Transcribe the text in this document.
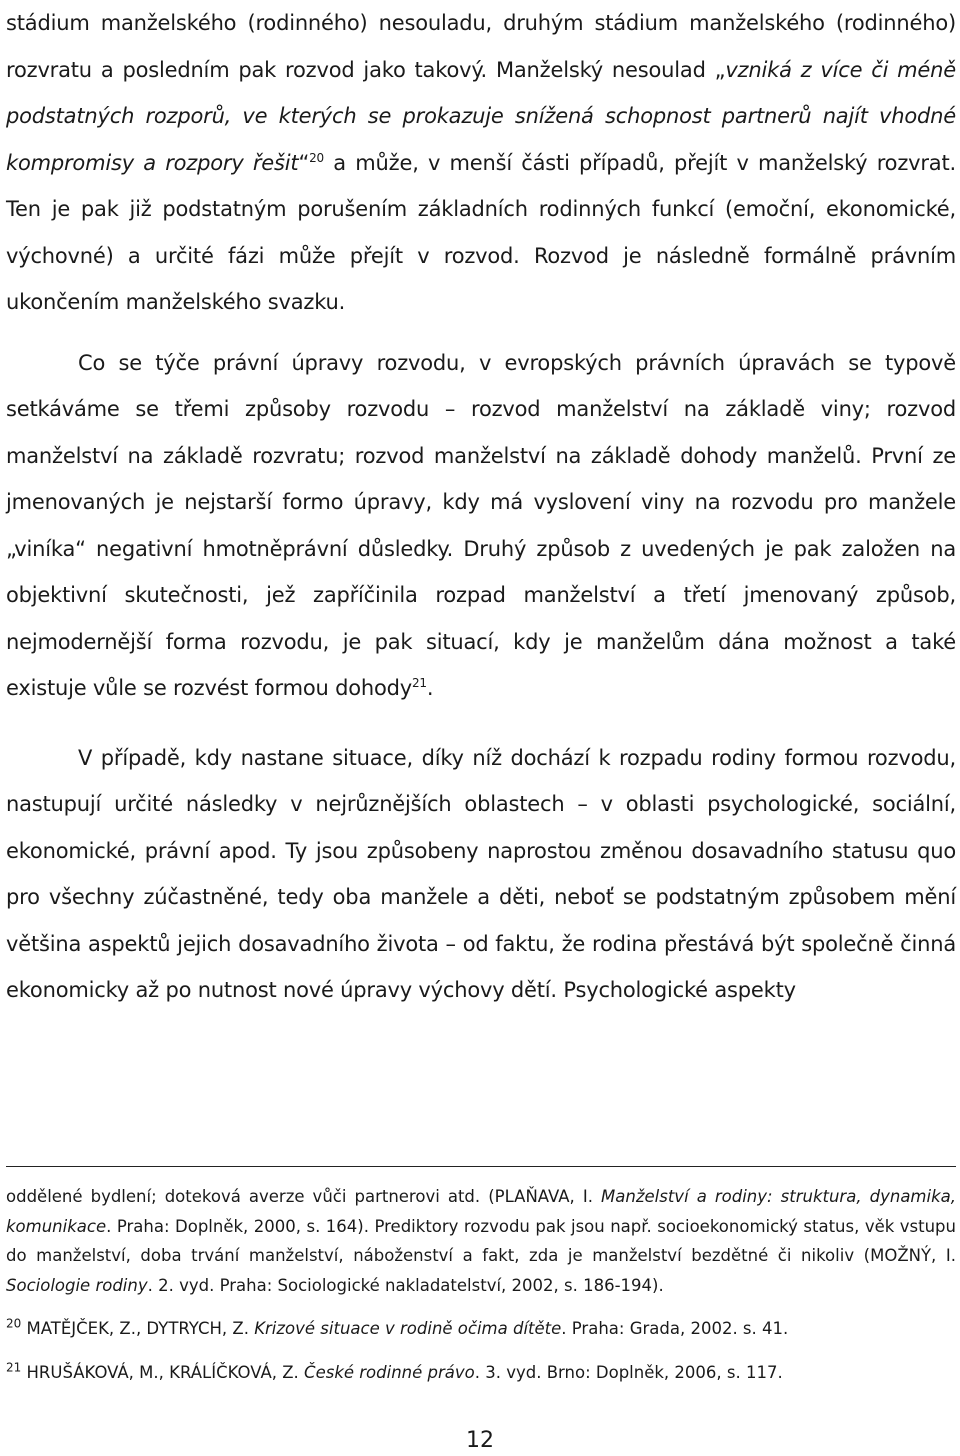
stádium manželského (rodinného) nesouladu, druhým stádium manželského (rodinného) rozvratu a posledním pak rozvod jako takový. Manželský nesoulad „vzniká z více či méně podstatných rozporů, ve kterých se prokazuje snížená schopnost partnerů najít vhodné kompromisy a rozpory řešit“$^{20}$ a může, v menší části případů, přejít v manželský rozvrat. Ten je pak již podstatným porušením základních rodinných funkcí (emoční, ekonomické, výchovné) a určité fázi může přejít v rozvod. Rozvod je následně formálně právním ukončením manželského svazku.

Co se týče právní úpravy rozvodu, v evropských právních úpravách se typově setkáváme se třemi způsoby rozvodu – rozvod manželství na základě viny; rozvod manželství na základě rozvratu; rozvod manželství na základě dohody manželů. První ze jmenovaných je nejstarší formo úpravy, kdy má vyslovení viny na rozvodu pro manžele „viníka“ negativní hmotněprávní důsledky. Druhý způsob z uvedených je pak založen na objektivní skutečnosti, jež zapříčinila rozpad manželství a třetí jmenovaný způsob, nejmodernější forma rozvodu, je pak situací, kdy je manželům dána možnost a také existuje vůle se rozvést formou dohody$^{21}$.

V případě, kdy nastane situace, díky níž dochází k rozpadu rodiny formou rozvodu, nastupují určité následky v nejrůznějších oblastech – v oblasti psychologické, sociální, ekonomické, právní apod. Ty jsou způsobeny naprostou změnou dosavadního statusu quo pro všechny zúčastněné, tedy oba manžele a děti, neboť se podstatným způsobem mění většina aspektů jejich dosavadního života – od faktu, že rodina přestává být společně činná ekonomicky až po nutnost nové úpravy výchovy dětí. Psychologické aspekty

oddělené bydlení; doteková averze vůči partnerovi atd. (PLAŇAVA, I. Manželství a rodiny: struktura, dynamika, komunikace. Praha: Doplněk, 2000, s. 164). Prediktory rozvodu pak jsou např. socioekonomický status, věk vstupu do manželství, doba trvání manželství, náboženství a fakt, zda je manželství bezdětné či nikoliv (MOŽNÝ, I. Sociologie rodiny. 2. vyd. Praha: Sociologické nakladatelství, 2002, s. 186-194).

$^{20}$ MATĚJČEK, Z., DYTRYCH, Z. Krizové situace v rodině očima dítěte. Praha: Grada, 2002. s. 41.

$^{21}$ HRUŠÁKOVÁ, M., KRÁLÍČKOVÁ, Z. České rodinné právo. 3. vyd. Brno: Doplněk, 2006, s. 117.

12
